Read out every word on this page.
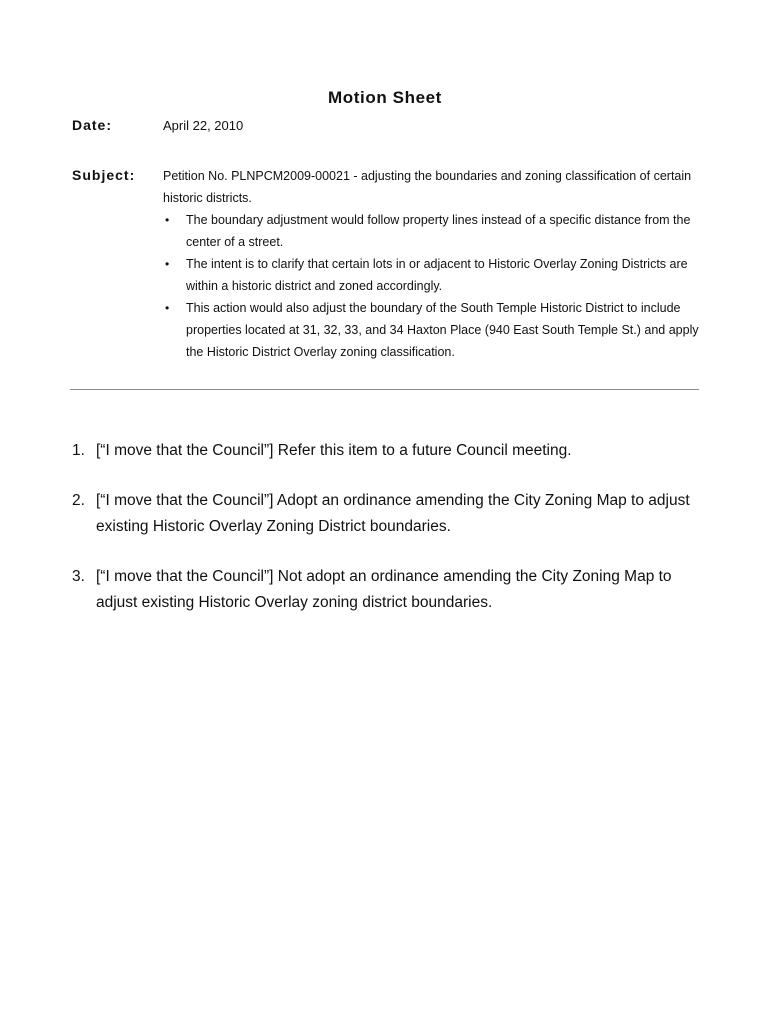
Motion Sheet
Date:	April 22, 2010
Subject: Petition No. PLNPCM2009-00021 - adjusting the boundaries and zoning classification of certain historic districts.

• The boundary adjustment would follow property lines instead of a specific distance from the center of a street.
• The intent is to clarify that certain lots in or adjacent to Historic Overlay Zoning Districts are within a historic district and zoned accordingly.
• This action would also adjust the boundary of the South Temple Historic District to include properties located at 31, 32, 33, and 34 Haxton Place (940 East South Temple St.) and apply the Historic District Overlay zoning classification.
1. [“I move that the Council”] Refer this item to a future Council meeting.
2. [“I move that the Council”] Adopt an ordinance amending the City Zoning Map to adjust existing Historic Overlay Zoning District boundaries.
3. [“I move that the Council”] Not adopt an ordinance amending the City Zoning Map to adjust existing Historic Overlay zoning district boundaries.
